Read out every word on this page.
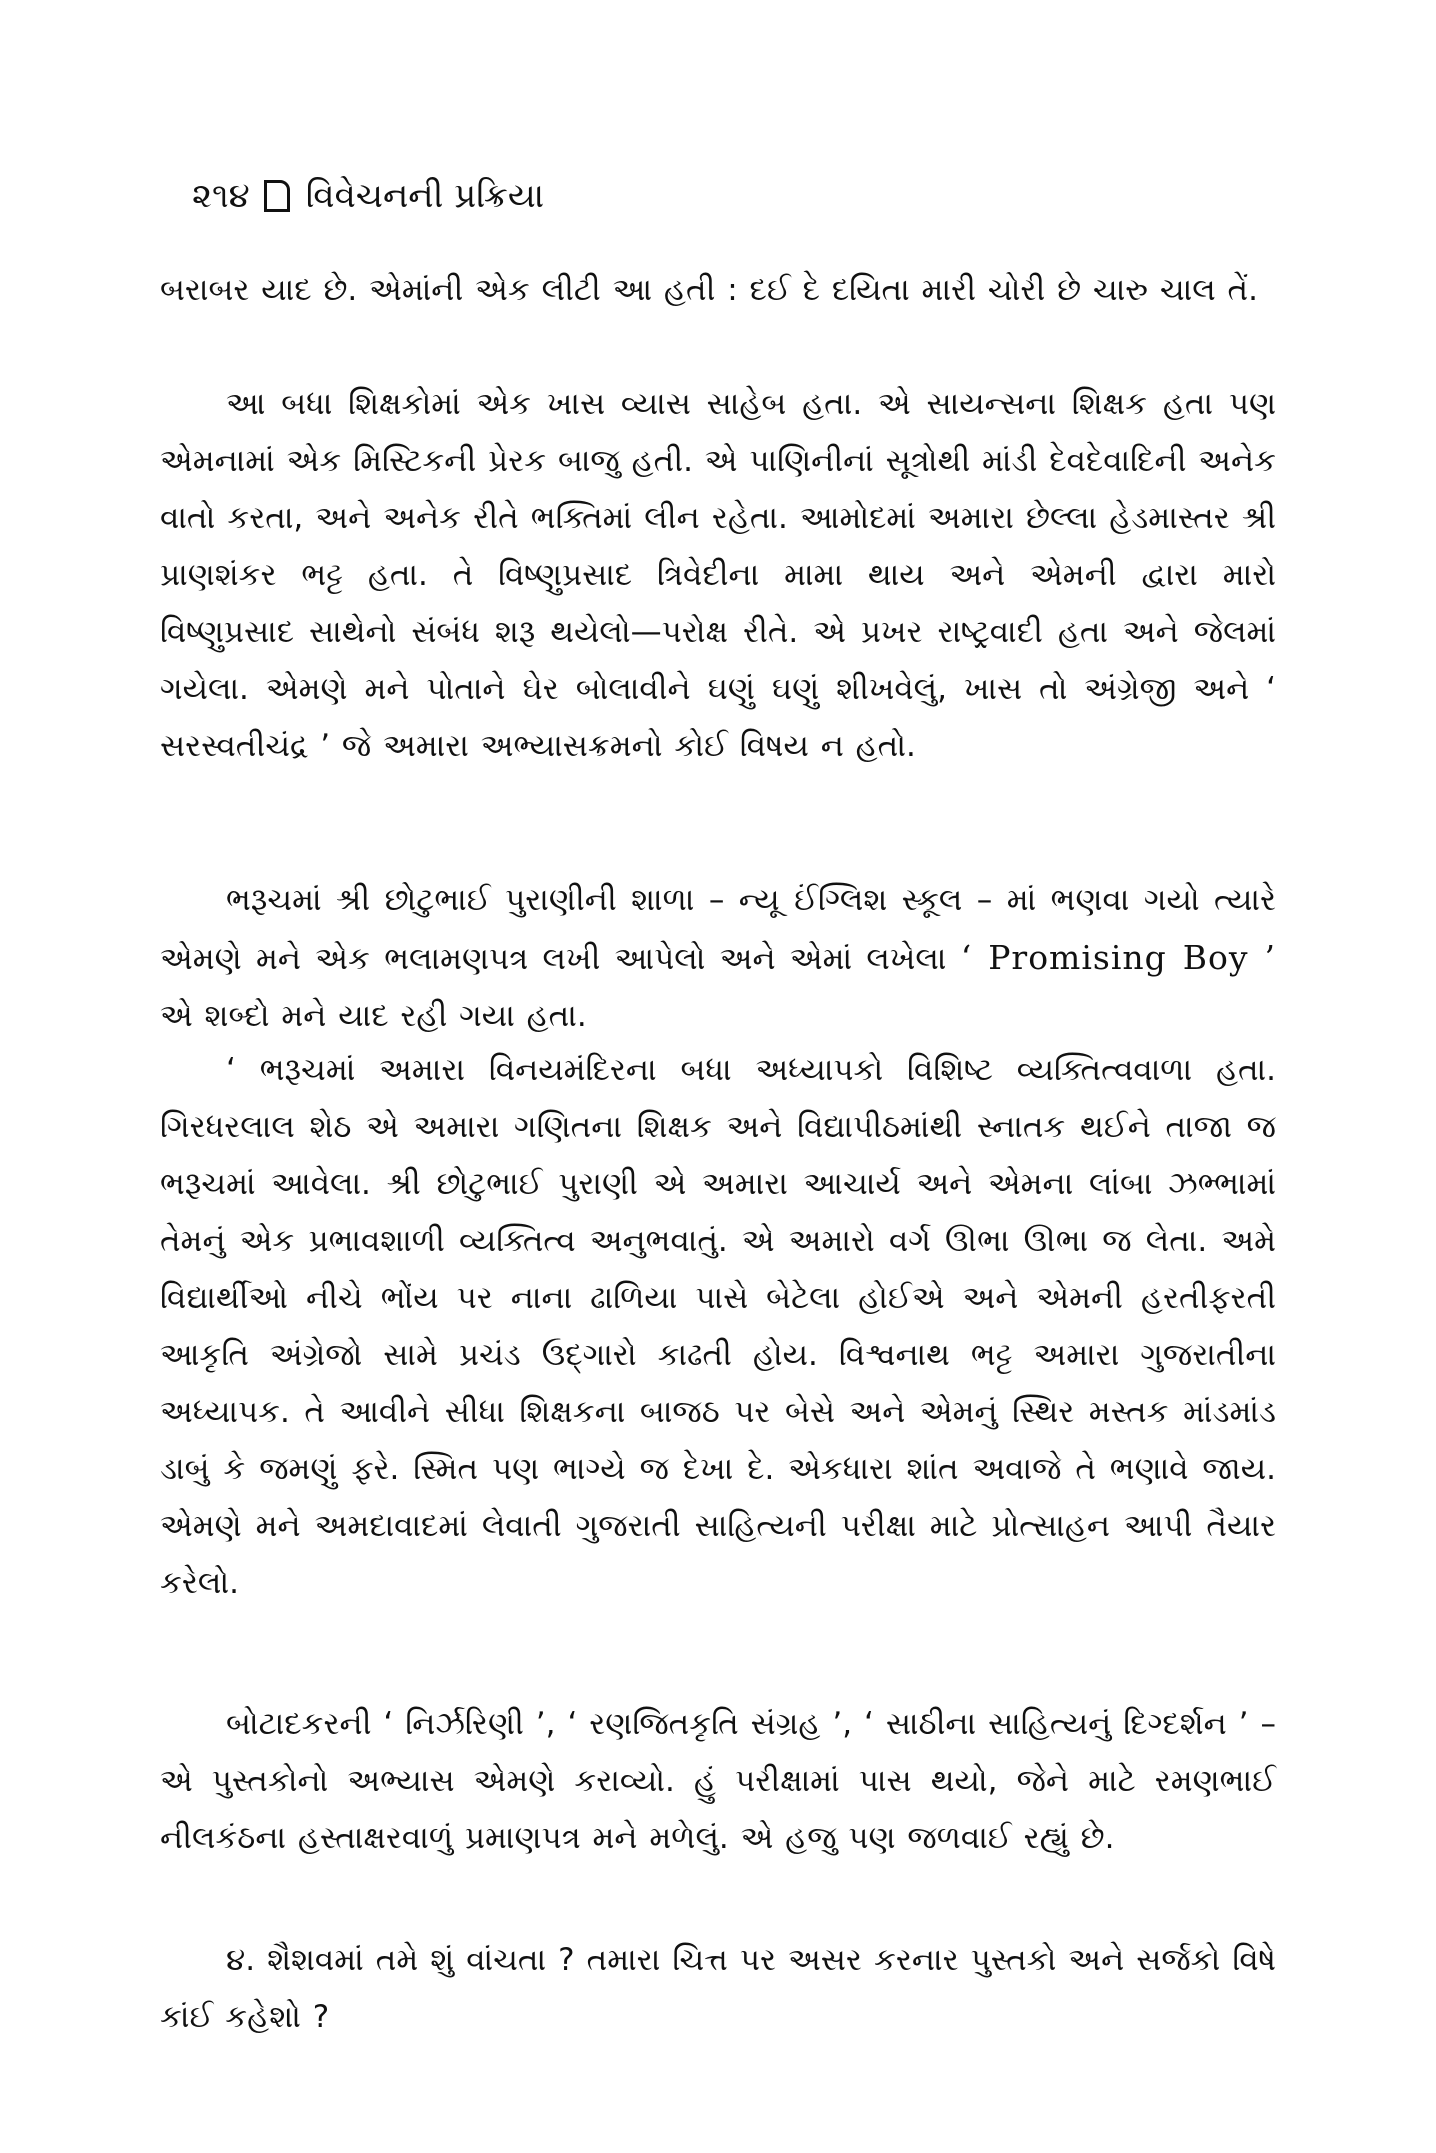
૨૧૪ વિવેચનની પ્રક્રિયા

બરાબર યાદ છે. એમાંની એક લીટી આ હતી : દઈ દે દયિતા મારી ચોરી છે ચારુ ચાલ તેં.

આ બધા શિક્ષકોમાં એક ખાસ વ્યાસ સાહેબ હતા. એ સાયન્સના શિક્ષક હતા પણ એમનામાં એક મિસ્ટિકની પ્રેરક બાજુ હતી. એ પાણિનીનાં સૂત્રોથી માંડી દેવદેવાદિની અનેક વાતો કરતા, અને અનેક રીતે ભક્તિમાં લીન રહેતા. આમોદમાં અમારા છેલ્લા હેડમાસ્તર શ્રી પ્રાણશંકર ભટ્ટ હતા. તે વિષ્ણુપ્રસાદ ત્રિવેદીના મામા થાય અને એમની દ્વારા મારો વિષ્ણુપ્રસાદ સાથેનો સંબંધ શરૂ થયેલો—પરોક્ષ રીતે. એ પ્રખર રાષ્ટ્રવાદી હતા અને જેલમાં ગયેલા. એમણે મને પોતાને ઘેર બોલાવીને ઘણું ઘણું શીખવેલું, ખાસ તો અંગ્રેજી અને ‘ સરસ્વતીચંદ્ર ’ જે અમારા અભ્યાસક્રમનો કોઈ વિષય ન હતો.

ભરૂચમાં શ્રી છોટુભાઈ પુરાણીની શાળા – ન્યૂ ઈંગ્લિશ સ્કૂલ – માં ભણવા ગયો ત્યારે એમણે મને એક ભલામણપત્ર લખી આપેલો અને એમાં લખેલા ‘ Promising Boy ’ એ શબ્દો મને યાદ રહી ગયા હતા.

‘ ભરૂચમાં અમારા વિનયમંદિરના બધા અધ્યાપકો વિશિષ્ટ વ્યક્તિત્વવાળા હતા. ગિરધરલાલ શેઠ એ અમારા ગણિતના શિક્ષક અને વિદ્યાપીઠમાંથી સ્નાતક થઈને તાજા જ ભરૂચમાં આવેલા. શ્રી છોટુભાઈ પુરાણી એ અમારા આચાર્ય અને એમના લાંબા ઝભ્ભામાં તેમનું એક પ્રભાવશાળી વ્યક્તિત્વ અનુભવાતું. એ અમારો વર્ગ ઊભા ઊભા જ લેતા. અમે વિદ્યાર્થીઓ નીચે ભોંય પર નાના ઢાળિયા પાસે બેટેલા હોઈએ અને એમની હરતીફરતી આકૃતિ અંગ્રેજો સામે પ્રચંડ ઉદ્ગારો કાઢતી હોય. વિશ્વનાથ ભટ્ટ અમારા ગુજરાતીના અધ્યાપક. તે આવીને સીધા શિક્ષકના બાજઠ પર બેસે અને એમનું સ્થિર મસ્તક માંડમાંડ ડાબું કે જમણું ફરે. સ્મિત પણ ભાગ્યે જ દેખા દે. એકધારા શાંત અવાજે તે ભણાવે જાય. એમણે મને અમદાવાદમાં લેવાતી ગુજરાતી સાહિત્યની પરીક્ષા માટે પ્રોત્સાહન આપી તૈયાર કરેલો.

બોટાદકરની ‘ નિર્ઝરિણી ’, ‘ રણજિતકૃતિ સંગ્રહ ’, ‘ સાઠીના સાહિત્યનું દિગ્દર્શન ’ – એ પુસ્તકોનો અભ્યાસ એમણે કરાવ્યો. હું પરીક્ષામાં પાસ થયો, જેને માટે રમણભાઈ નીલકંઠના હસ્તાક્ષરવાળું પ્રમાણપત્ર મને મળેલું. એ હજુ પણ જળવાઈ રહ્યું છે.

૪. શૈશવમાં તમે શું વાંચતા ? તમારા ચિત્ત પર અસર કરનાર પુસ્તકો અને સર્જકો વિષે કાંઈ કહેશો ?
